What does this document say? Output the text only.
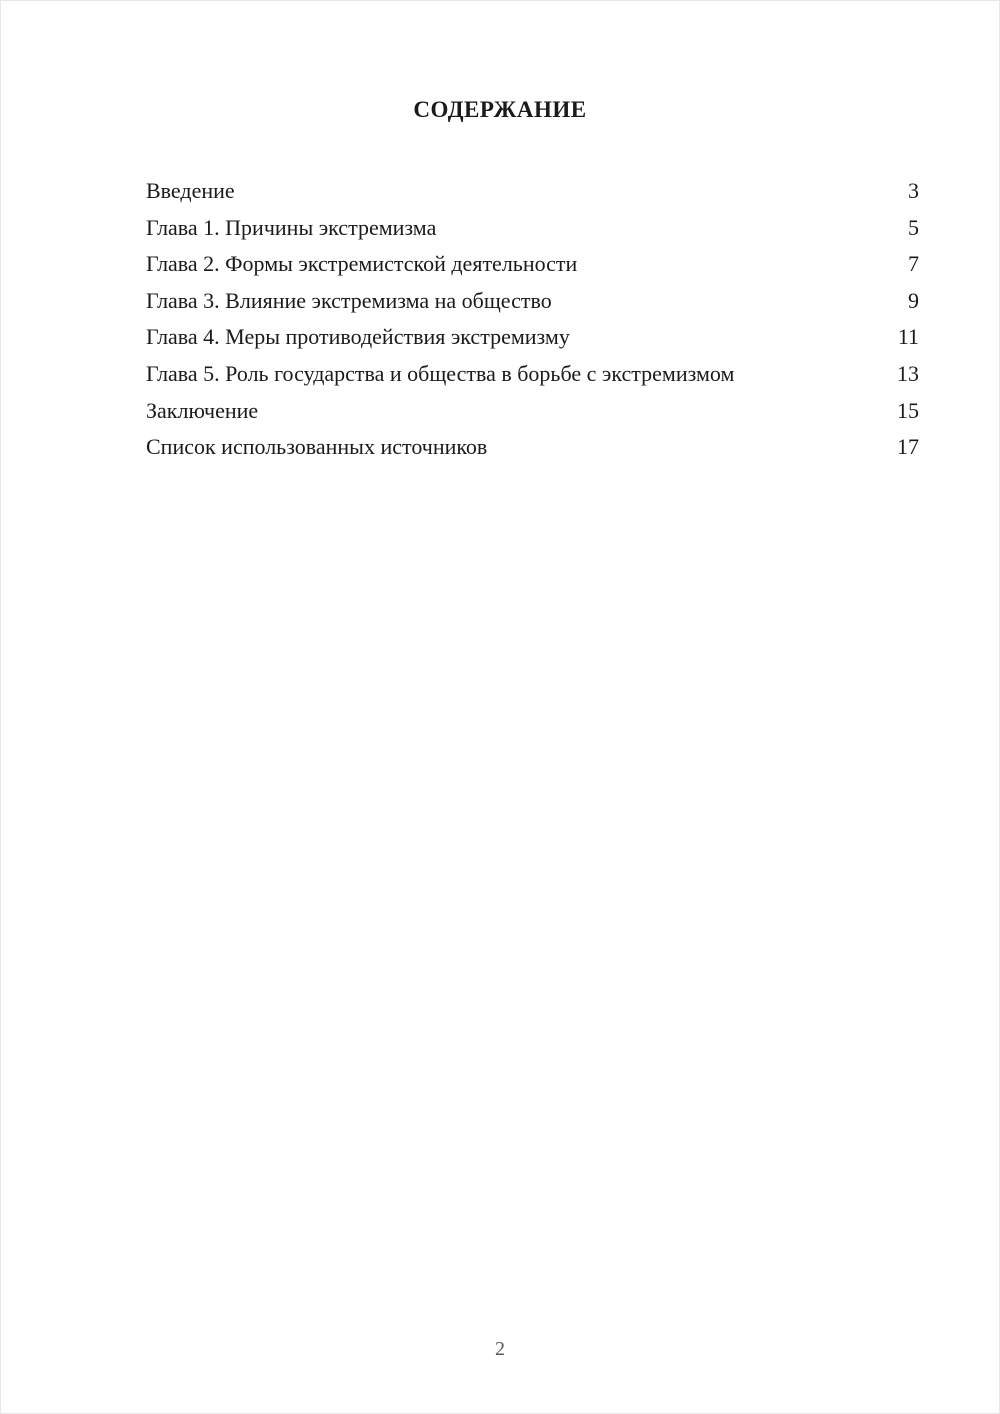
СОДЕРЖАНИЕ
Введение	3
Глава 1. Причины экстремизма	5
Глава 2. Формы экстремистской деятельности	7
Глава 3. Влияние экстремизма на общество	9
Глава 4. Меры противодействия экстремизму	11
Глава 5. Роль государства и общества в борьбе с экстремизмом	13
Заключение	15
Список использованных источников	17
2
